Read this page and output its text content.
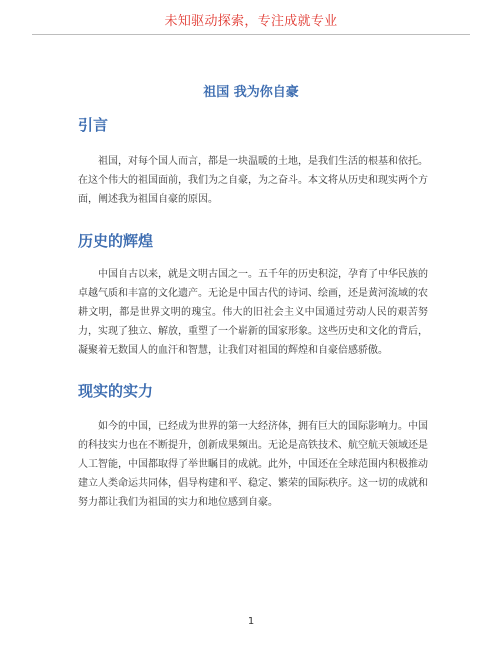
未知驱动探索，专注成就专业
祖国 我为你自豪
引言

祖国，对每个国人而言，都是一块温暖的土地，是我们生活的根基和依托。在这个伟大的祖国面前，我们为之自豪，为之奋斗。本文将从历史和现实两个方面，阐述我为祖国自豪的原因。

历史的辉煌

中国自古以来，就是文明古国之一。五千年的历史积淀，孕育了中华民族的卓越气质和丰富的文化遗产。无论是中国古代的诗词、绘画，还是黄河流域的农耕文明，都是世界文明的瑰宝。伟大的旧社会主义中国通过劳动人民的艰苦努力，实现了独立、解放，重塑了一个崭新的国家形象。这些历史和文化的背后，凝聚着无数国人的血汗和智慧，让我们对祖国的辉煌和自豪倍感骄傲。

现实的实力

如今的中国，已经成为世界的第一大经济体，拥有巨大的国际影响力。中国的科技实力也在不断提升，创新成果频出。无论是高铁技术、航空航天领域还是人工智能，中国都取得了举世瞩目的成就。此外，中国还在全球范围内积极推动建立人类命运共同体，倡导构建和平、稳定、繁荣的国际秩序。这一切的成就和努力都让我们为祖国的实力和地位感到自豪。

1
